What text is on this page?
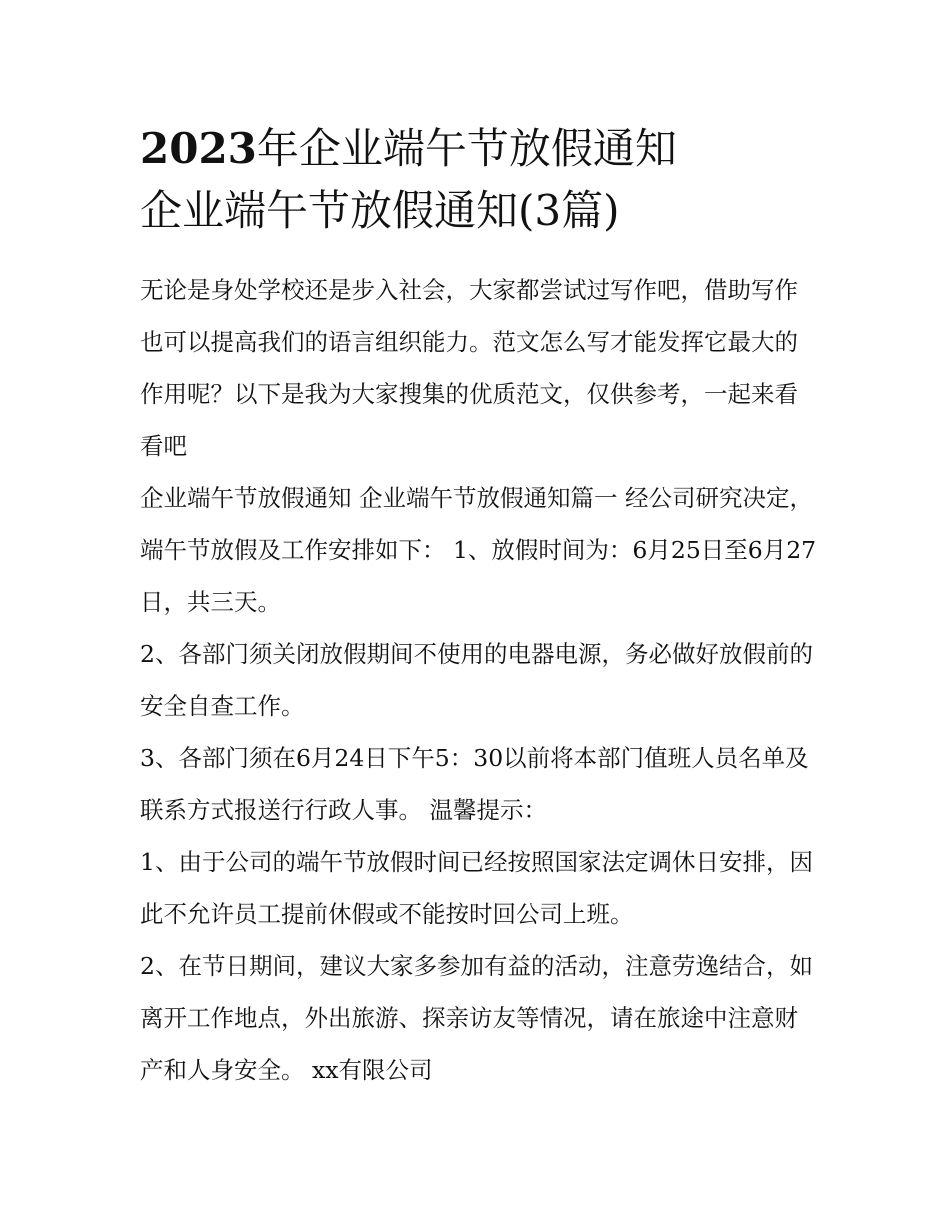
2023年企业端午节放假通知
企业端午节放假通知(3篇)

无论是身处学校还是步入社会，大家都尝试过写作吧，借助写作也可以提高我们的语言组织能力。范文怎么写才能发挥它最大的作用呢？以下是我为大家搜集的优质范文，仅供参考，一起来看看吧

企业端午节放假通知 企业端午节放假通知篇一 经公司研究决定，端午节放假及工作安排如下： 1、放假时间为：6月25日至6月27日，共三天。

2、各部门须关闭放假期间不使用的电器电源，务必做好放假前的安全自查工作。

3、各部门须在6月24日下午5：30以前将本部门值班人员名单及联系方式报送行行政人事。 温馨提示：

1、由于公司的端午节放假时间已经按照国家法定调休日安排，因此不允许员工提前休假或不能按时回公司上班。

2、在节日期间，建议大家多参加有益的活动，注意劳逸结合，如离开工作地点，外出旅游、探亲访友等情况，请在旅途中注意财产和人身安全。 xx有限公司
